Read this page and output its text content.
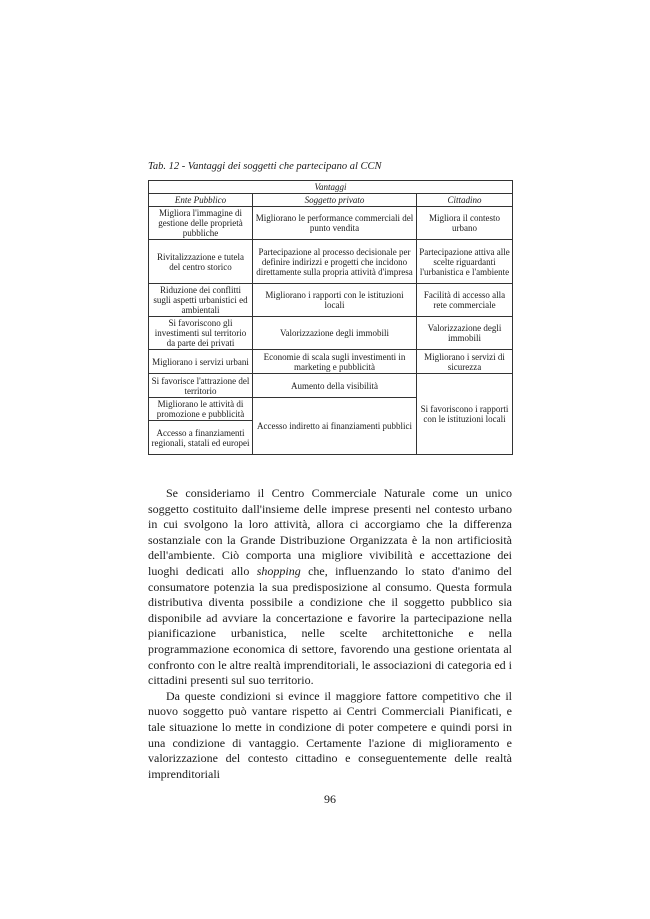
Tab. 12 - Vantaggi dei soggetti che partecipano al CCN
Vantaggi		
Ente Pubblico	Soggetto privato	Cittadino
Migliora l'immagine di gestione delle proprietà pubbliche	Migliorano le performance commerciali del punto vendita	Migliora il contesto urbano
Rivitalizzazione e tutela del centro storico	Partecipazione al processo decisionale per definire indirizzi e progetti che incidono direttamente sulla propria attività d'impresa	Partecipazione attiva alle scelte riguardanti l'urbanistica e l'ambiente
Riduzione dei conflitti sugli aspetti urbanistici ed ambientali	Migliorano i rapporti con le istituzioni locali	Facilità di accesso alla rete commerciale
Si favoriscono gli investimenti sul territorio da parte dei privati	Valorizzazione degli immobili	Valorizzazione degli immobili
Migliorano i servizi urbani	Economie di scala sugli investimenti in marketing e pubblicità	Migliorano i servizi di sicurezza
Si favorisce l'attrazione del territorio	Aumento della visibilità	Si favoriscono i rapporti con le istituzioni locali
Migliorano le attività di promozione e pubblicità	Accesso indiretto ai finanziamenti pubblici	
Accesso a finanziamenti regionali, statali ed europei		

Se consideriamo il Centro Commerciale Naturale come un unico soggetto costituito dall'insieme delle imprese presenti nel contesto urbano in cui svolgono la loro attività, allora ci accorgiamo che la differenza sostanziale con la Grande Distribuzione Organizzata è la non artificiosità dell'ambiente. Ciò comporta una migliore vivibilità e accettazione dei luoghi dedicati allo shopping che, influenzando lo stato d'animo del consumatore potenzia la sua predisposizione al consumo. Questa formula distributiva diventa possibile a condizione che il soggetto pubblico sia disponibile ad avviare la concertazione e favorire la partecipazione nella pianificazione urbanistica, nelle scelte architettoniche e nella programmazione economica di settore, favorendo una gestione orientata al confronto con le altre realtà imprenditoriali, le associazioni di categoria ed i cittadini presenti sul suo territorio.

Da queste condizioni si evince il maggiore fattore competitivo che il nuovo soggetto può vantare rispetto ai Centri Commerciali Pianificati, e tale situazione lo mette in condizione di poter competere e quindi porsi in una condizione di vantaggio. Certamente l'azione di miglioramento e valorizzazione del contesto cittadino e conseguentemente delle realtà imprenditoriali

96
